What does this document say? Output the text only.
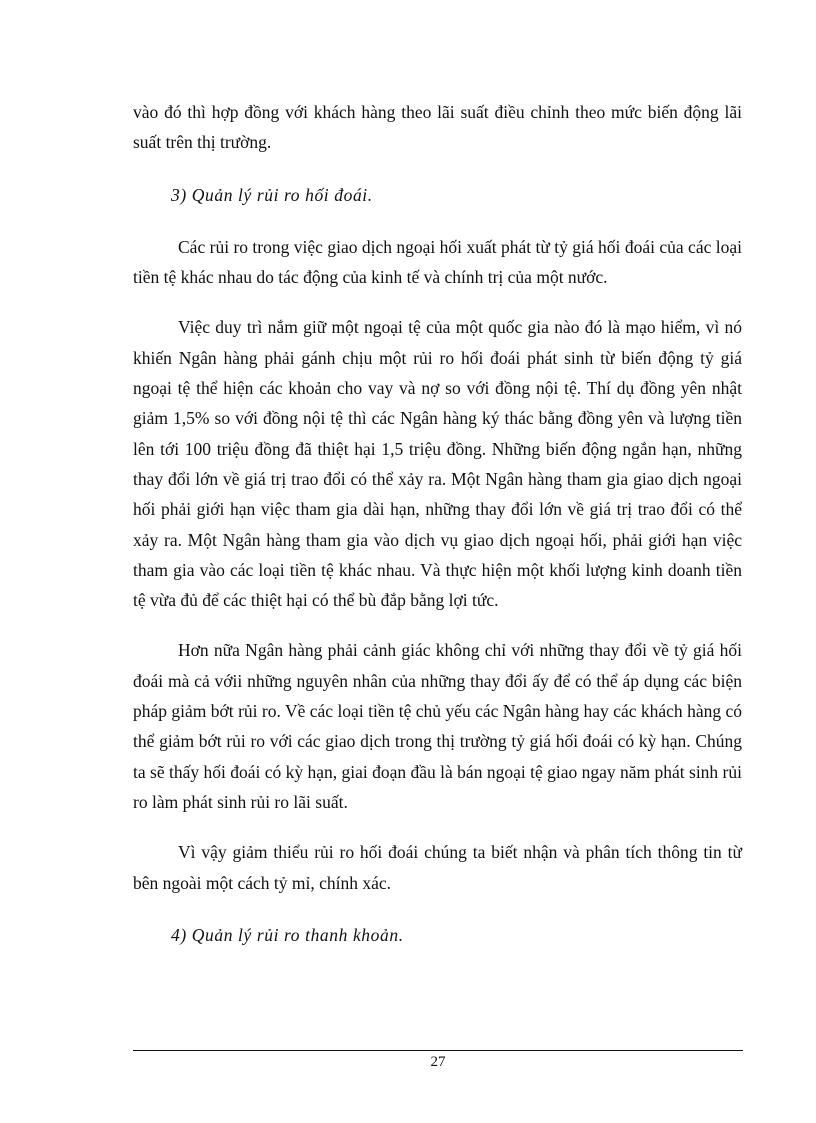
vào đó thì hợp đồng với khách hàng theo lãi suất điều chỉnh theo mức biến động lãi suất trên thị trường.

3) Quản lý rủi ro hối đoái.

Các rủi ro trong việc giao dịch ngoại hối xuất phát từ tỷ giá hối đoái của các loại tiền tệ khác nhau do tác động của kinh tế và chính trị của một nước.

Việc duy trì nắm giữ một ngoại tệ của một quốc gia nào đó là mạo hiểm, vì nó khiến Ngân hàng phải gánh chịu một rủi ro hối đoái phát sinh từ biến động tỷ giá ngoại tệ thể hiện các khoản cho vay và nợ so với đồng nội tệ. Thí dụ đồng yên nhật giảm 1,5% so với đồng nội tệ thì các Ngân hàng ký thác bằng đồng yên và lượng tiền lên tới 100 triệu đồng đã thiệt hại 1,5 triệu đồng. Những biến động ngắn hạn, những thay đổi lớn về giá trị trao đổi có thể xảy ra. Một Ngân hàng tham gia giao dịch ngoại hối phải giới hạn việc tham gia dài hạn, những thay đổi lớn về giá trị trao đổi có thể xảy ra. Một Ngân hàng tham gia vào dịch vụ giao dịch ngoại hối, phải giới hạn việc tham gia vào các loại tiền tệ khác nhau. Và thực hiện một khối lượng kinh doanh tiền tệ vừa đủ để các thiệt hại có thể bù đắp bằng lợi tức.

Hơn nữa Ngân hàng phải cảnh giác không chỉ với những thay đổi về tỷ giá hối đoái mà cả vớii những nguyên nhân của những thay đổi ấy để có thể áp dụng các biện pháp giảm bớt rủi ro. Về các loại tiền tệ chủ yếu các Ngân hàng hay các khách hàng có thể giảm bớt rủi ro với các giao dịch trong thị trường tỷ giá hối đoái có kỳ hạn. Chúng ta sẽ thấy hối đoái có kỳ hạn, giai đoạn đầu là bán ngoại tệ giao ngay năm phát sinh rủi ro làm phát sinh rủi ro lãi suất.

Vì vậy giảm thiểu rủi ro hối đoái chúng ta biết nhận và phân tích thông tin từ bên ngoài một cách tỷ mỉ, chính xác.

4) Quản lý rủi ro thanh khoản.

27
